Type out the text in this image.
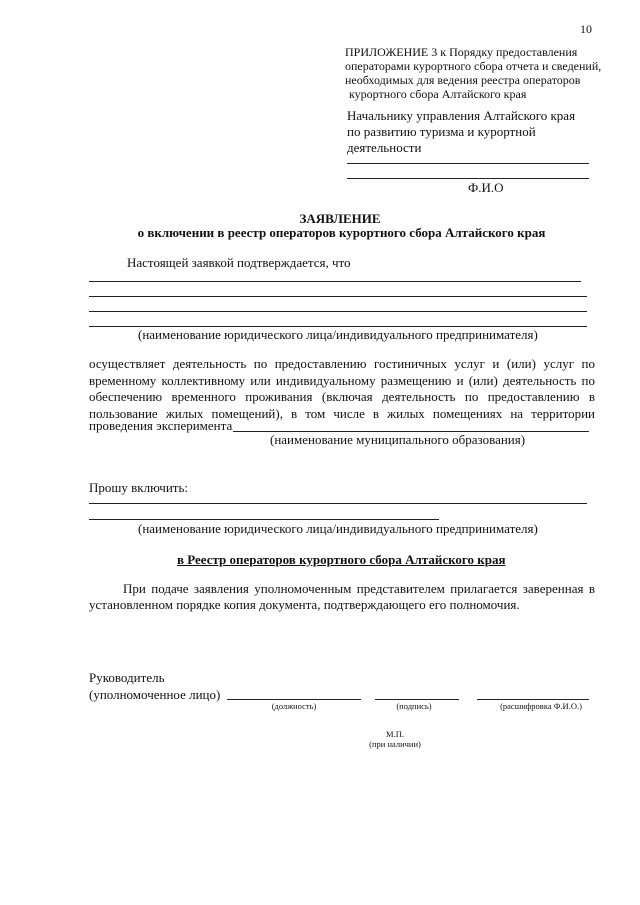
10
ПРИЛОЖЕНИЕ 3 к Порядку предоставления
операторами курортного сбора отчета и сведений,
необходимых для ведения реестра операторов
курортного сбора Алтайского края
Начальнику управления Алтайского края
по развитию туризма и курортной
деятельности
Ф.И.О
ЗАЯВЛЕНИЕ
о включении в реестр операторов курортного сбора Алтайского края
Настоящей заявкой подтверждается, что
(наименование юридического лица/индивидуального предпринимателя)
осуществляет деятельность по предоставлению гостиничных услуг и (или) услуг по
временному коллективному или индивидуальному размещению и (или) деятельность по
обеспечению временного проживания (включая деятельность по предоставлению в
пользование жилых помещений), в том числе в жилых помещениях на территории
проведения эксперимента
(наименование муниципального образования)
Прошу включить:
(наименование юридического лица/индивидуального предпринимателя)
в Реестр операторов курортного сбора Алтайского края
При подаче заявления уполномоченным представителем прилагается заверенная в
установленном порядке копия документа, подтверждающего его полномочия.
Руководитель
(уполномоченное лицо)
(должность)	(подпись)	(расшифровка Ф.И.О.)
М.П.
(при наличии)
